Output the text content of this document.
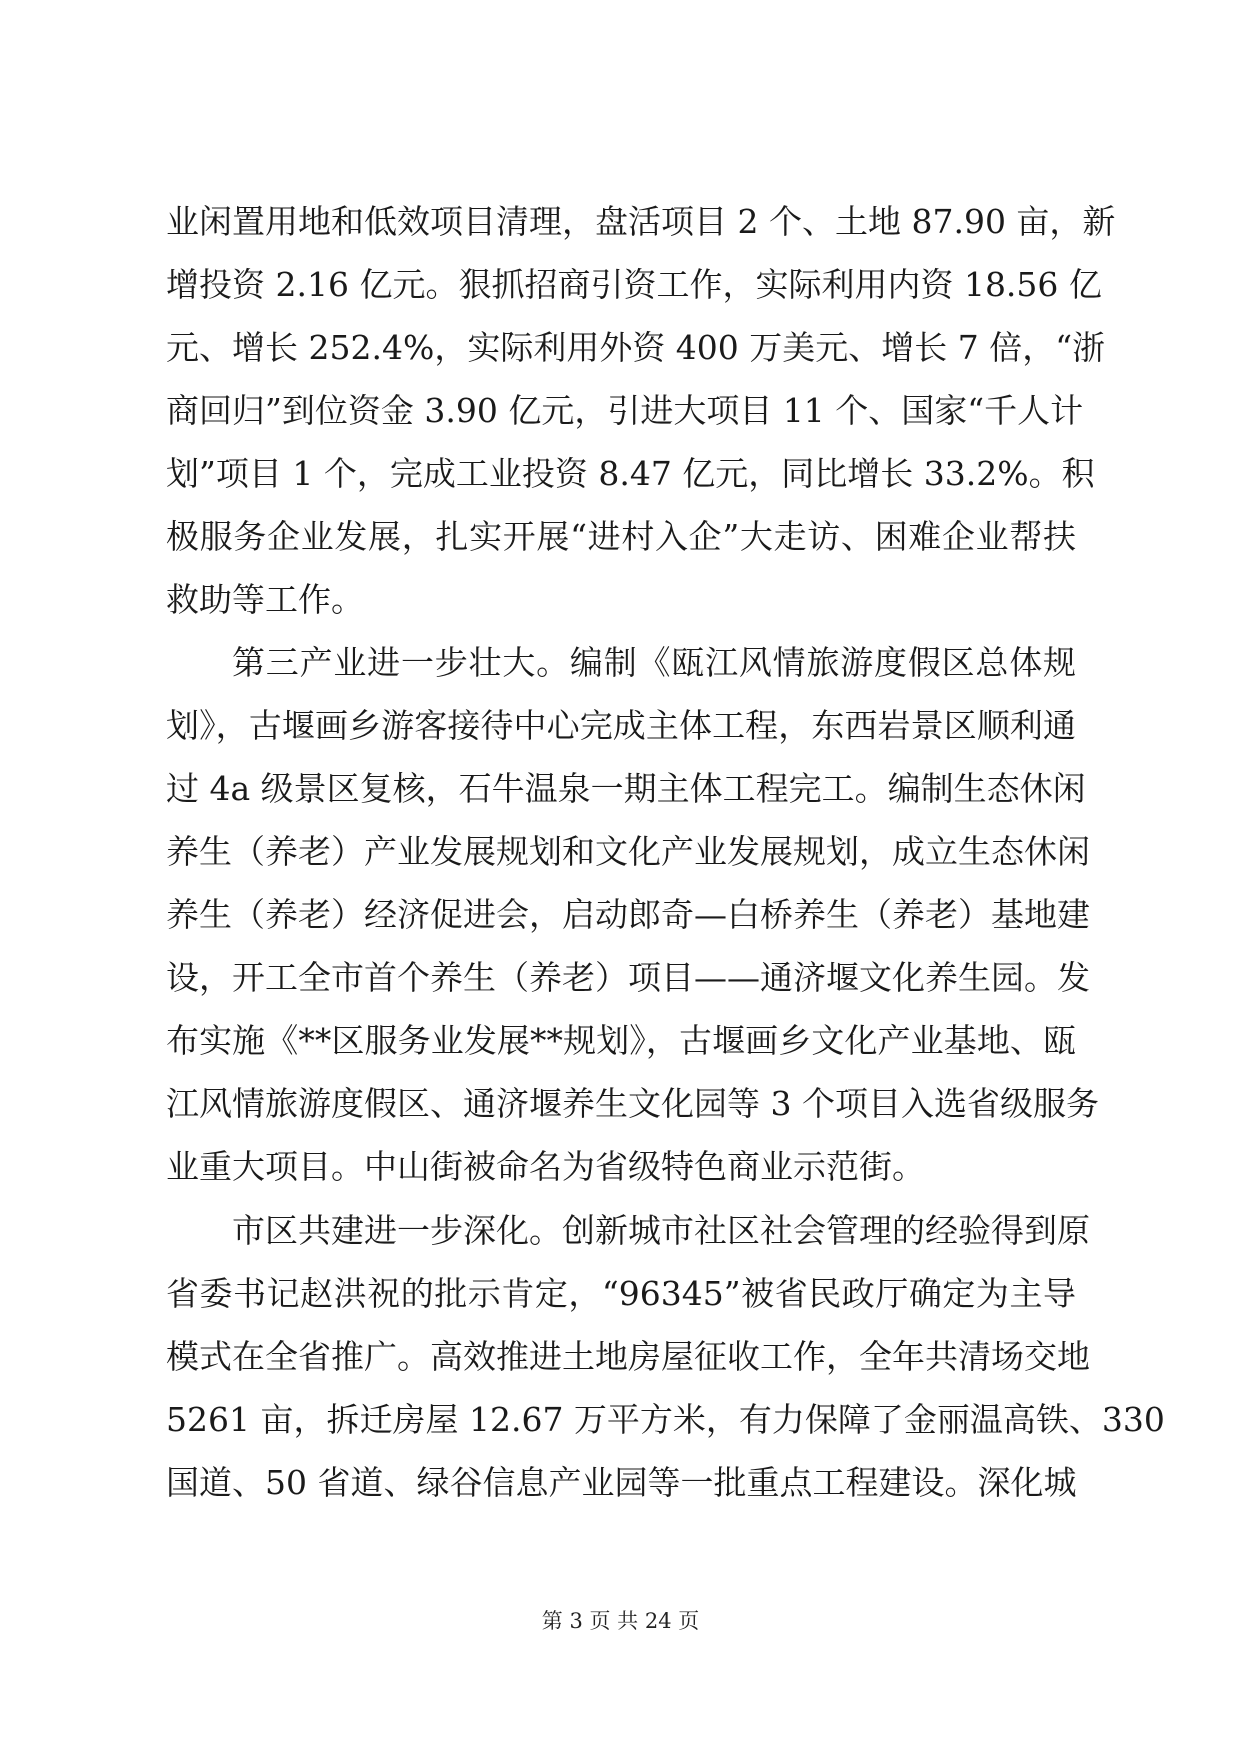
业闲置用地和低效项目清理，盘活项目 2 个、土地 87.90 亩，新
增投资 2.16 亿元。狠抓招商引资工作，实际利用内资 18.56 亿
元、增长 252.4%，实际利用外资 400 万美元、增长 7 倍，“浙
商回归”到位资金 3.90 亿元，引进大项目 11 个、国家“千人计
划”项目 1 个，完成工业投资 8.47 亿元，同比增长 33.2%。积
极服务企业发展，扎实开展“进村入企”大走访、困难企业帮扶
救助等工作。
第三产业进一步壮大。编制《瓯江风情旅游度假区总体规
划》，古堰画乡游客接待中心完成主体工程，东西岩景区顺利通
过 4a 级景区复核，石牛温泉一期主体工程完工。编制生态休闲
养生（养老）产业发展规划和文化产业发展规划，成立生态休闲
养生（养老）经济促进会，启动郎奇—白桥养生（养老）基地建
设，开工全市首个养生（养老）项目——通济堰文化养生园。发
布实施《**区服务业发展**规划》，古堰画乡文化产业基地、瓯
江风情旅游度假区、通济堰养生文化园等 3 个项目入选省级服务
业重大项目。中山街被命名为省级特色商业示范街。
市区共建进一步深化。创新城市社区社会管理的经验得到原
省委书记赵洪祝的批示肯定，“96345”被省民政厅确定为主导
模式在全省推广。高效推进土地房屋征收工作，全年共清场交地
5261 亩，拆迁房屋 12.67 万平方米，有力保障了金丽温高铁、330
国道、50 省道、绿谷信息产业园等一批重点工程建设。深化城
第 3 页 共 24 页
